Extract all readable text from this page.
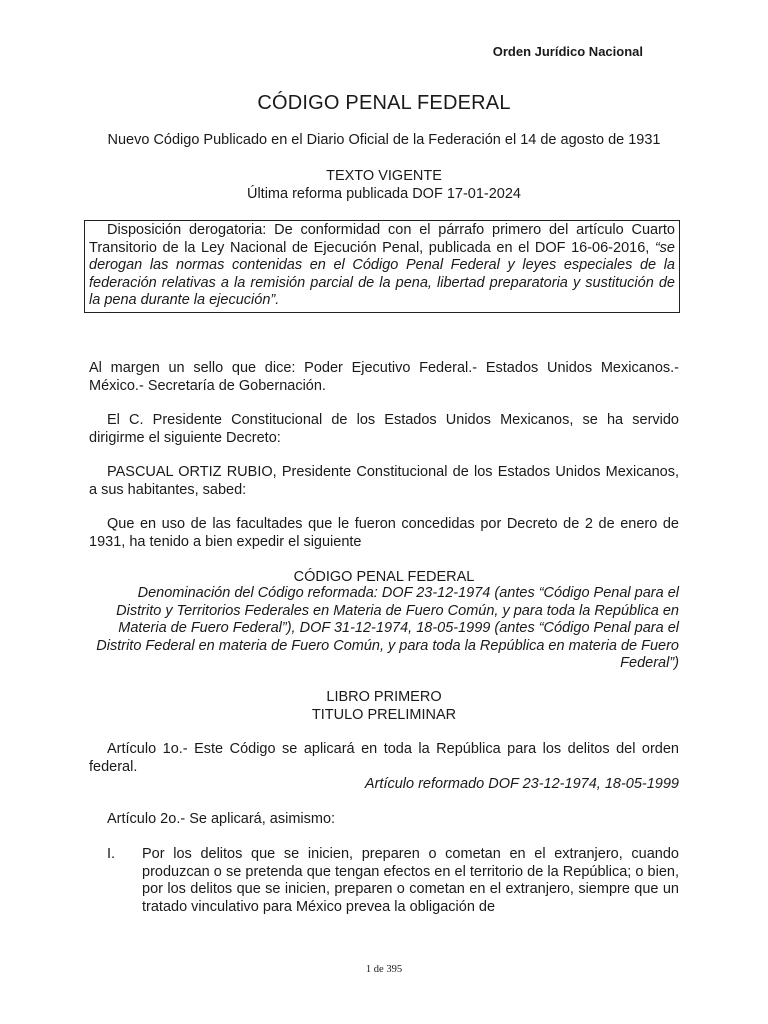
Orden Jurídico Nacional
CÓDIGO PENAL FEDERAL
Nuevo Código Publicado en el Diario Oficial de la Federación el 14 de agosto de 1931
TEXTO VIGENTE
Última reforma publicada DOF 17-01-2024
Disposición derogatoria: De conformidad con el párrafo primero del artículo Cuarto Transitorio de la Ley Nacional de Ejecución Penal, publicada en el DOF 16-06-2016, “se derogan las normas contenidas en el Código Penal Federal y leyes especiales de la federación relativas a la remisión parcial de la pena, libertad preparatoria y sustitución de la pena durante la ejecución”.
Al margen un sello que dice: Poder Ejecutivo Federal.- Estados Unidos Mexicanos.- México.- Secretaría de Gobernación.
El C. Presidente Constitucional de los Estados Unidos Mexicanos, se ha servido dirigirme el siguiente Decreto:
PASCUAL ORTIZ RUBIO, Presidente Constitucional de los Estados Unidos Mexicanos, a sus habitantes, sabed:
Que en uso de las facultades que le fueron concedidas por Decreto de 2 de enero de 1931, ha tenido a bien expedir el siguiente
CÓDIGO PENAL FEDERAL
Denominación del Código reformada: DOF 23-12-1974 (antes “Código Penal para el Distrito y Territorios Federales en Materia de Fuero Común, y para toda la República en Materia de Fuero Federal”), DOF 31-12-1974, 18-05-1999 (antes “Código Penal para el Distrito Federal en materia de Fuero Común, y para toda la República en materia de Fuero Federal”)
LIBRO PRIMERO
TITULO PRELIMINAR
Artículo 1o.- Este Código se aplicará en toda la República para los delitos del orden federal.
Artículo reformado DOF 23-12-1974, 18-05-1999
Artículo 2o.- Se aplicará, asimismo:
I.	Por los delitos que se inicien, preparen o cometan en el extranjero, cuando produzcan o se pretenda que tengan efectos en el territorio de la República; o bien, por los delitos que se inicien, preparen o cometan en el extranjero, siempre que un tratado vinculativo para México prevea la obligación de
1 de 395
